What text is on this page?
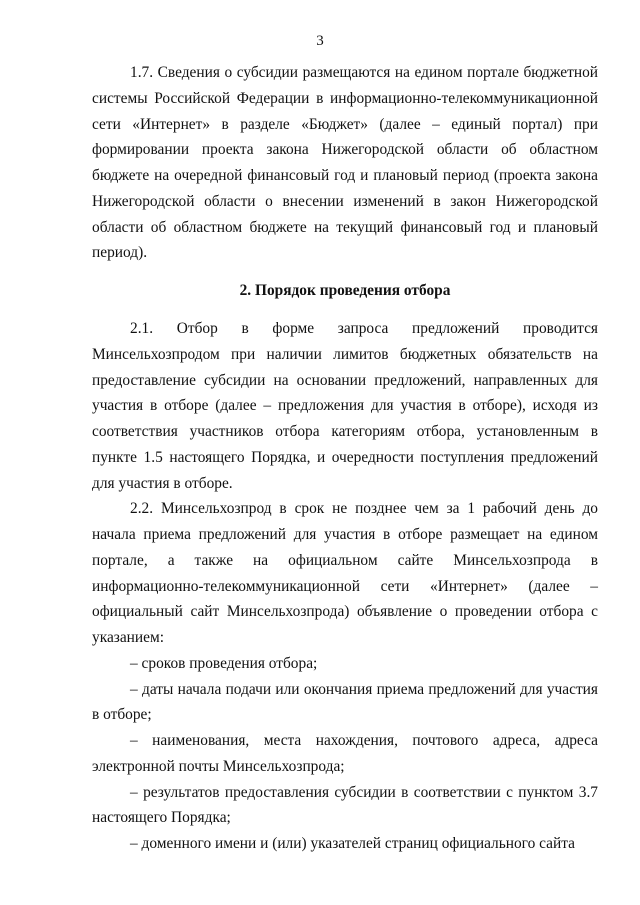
3

1.7. Сведения о субсидии размещаются на едином портале бюджетной системы Российской Федерации в информационно-телекоммуникационной сети «Интернет» в разделе «Бюджет» (далее – единый портал) при формировании проекта закона Нижегородской области об областном бюджете на очередной финансовый год и плановый период (проекта закона Нижегородской области о внесении изменений в закон Нижегородской области об областном бюджете на текущий финансовый год и плановый период).

2. Порядок проведения отбора

2.1. Отбор в форме запроса предложений проводится Минсельхозпродом при наличии лимитов бюджетных обязательств на предоставление субсидии на основании предложений, направленных для участия в отборе (далее – предложения для участия в отборе), исходя из соответствия участников отбора категориям отбора, установленным в пункте 1.5 настоящего Порядка, и очередности поступления предложений для участия в отборе.

2.2. Минсельхозпрод в срок не позднее чем за 1 рабочий день до начала приема предложений для участия в отборе размещает на едином портале, а также на официальном сайте Минсельхозпрода в информационно-телекоммуникационной сети «Интернет» (далее – официальный сайт Минсельхозпрода) объявление о проведении отбора с указанием:

– сроков проведения отбора;

– даты начала подачи или окончания приема предложений для участия в отборе;

– наименования, места нахождения, почтового адреса, адреса электронной почты Минсельхозпрода;

– результатов предоставления субсидии в соответствии с пунктом 3.7 настоящего Порядка;

– доменного имени и (или) указателей страниц официального сайта
